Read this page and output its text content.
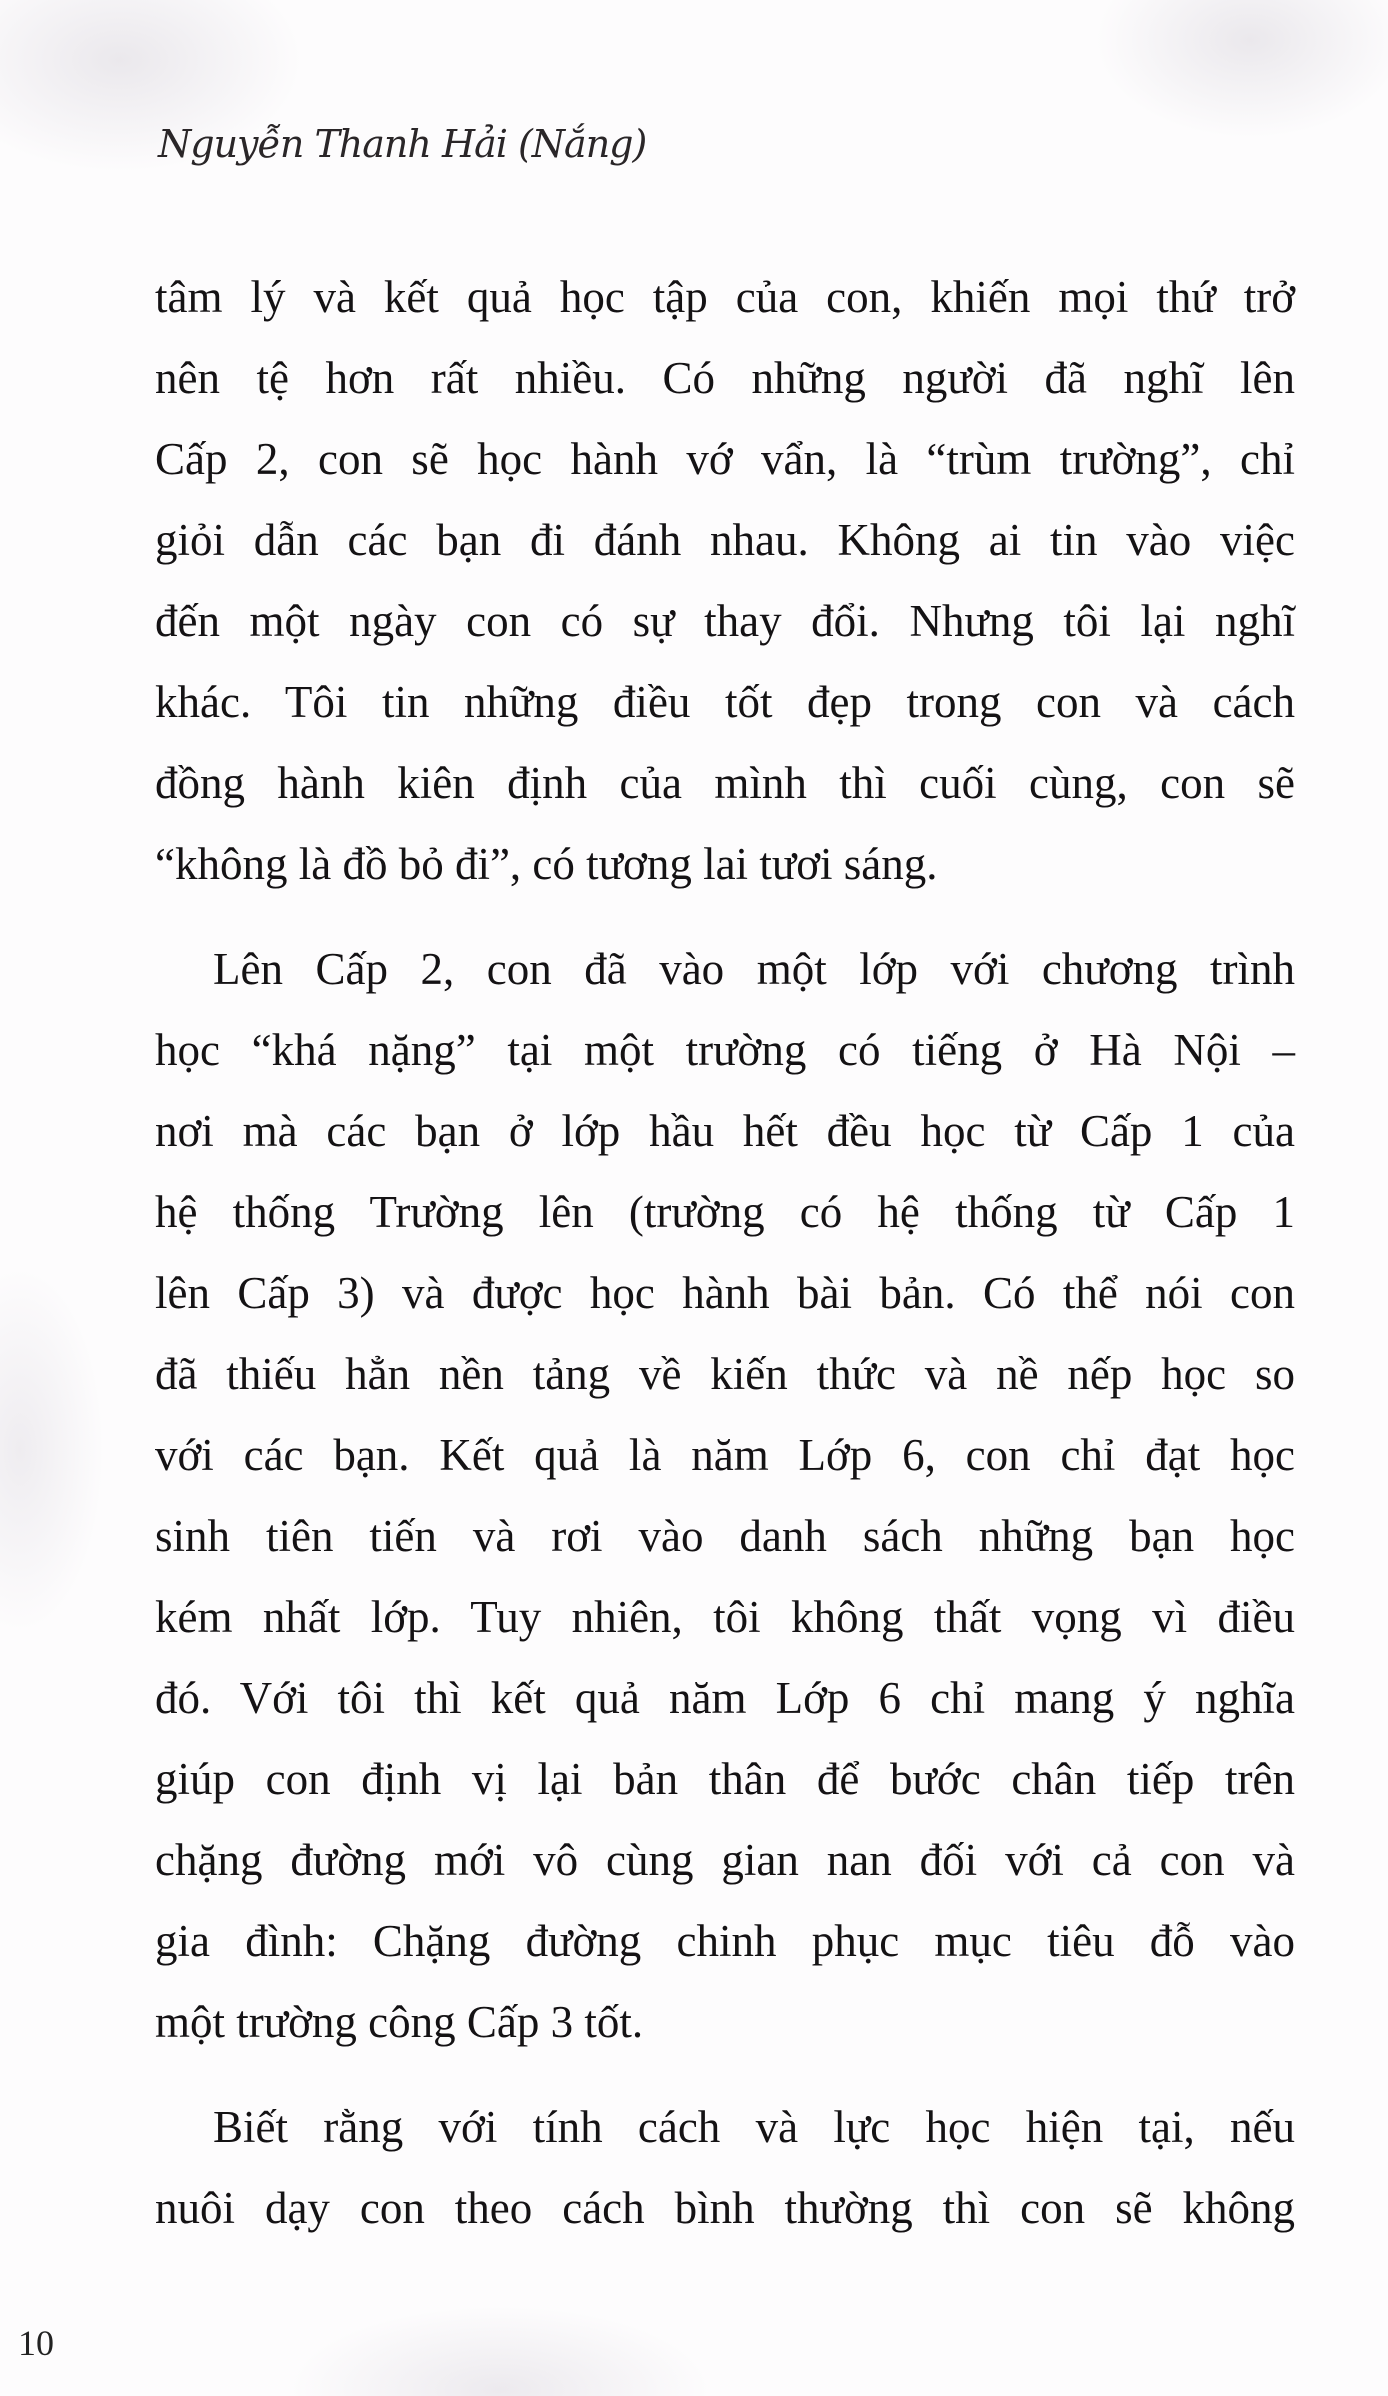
Nguyễn Thanh Hải (Nắng)

tâm lý và kết quả học tập của con, khiến mọi thứ trở
nên tệ hơn rất nhiều. Có những người đã nghĩ lên
Cấp 2, con sẽ học hành vớ vẩn, là “trùm trường”, chỉ
giỏi dẫn các bạn đi đánh nhau. Không ai tin vào việc
đến một ngày con có sự thay đổi. Nhưng tôi lại nghĩ
khác. Tôi tin những điều tốt đẹp trong con và cách
đồng hành kiên định của mình thì cuối cùng, con sẽ
“không là đồ bỏ đi”, có tương lai tươi sáng.

Lên Cấp 2, con đã vào một lớp với chương trình
học “khá nặng” tại một trường có tiếng ở Hà Nội –
nơi mà các bạn ở lớp hầu hết đều học từ Cấp 1 của
hệ thống Trường lên (trường có hệ thống từ Cấp 1
lên Cấp 3) và được học hành bài bản. Có thể nói con
đã thiếu hẳn nền tảng về kiến thức và nề nếp học so
với các bạn. Kết quả là năm Lớp 6, con chỉ đạt học
sinh tiên tiến và rơi vào danh sách những bạn học
kém nhất lớp. Tuy nhiên, tôi không thất vọng vì điều
đó. Với tôi thì kết quả năm Lớp 6 chỉ mang ý nghĩa
giúp con định vị lại bản thân để bước chân tiếp trên
chặng đường mới vô cùng gian nan đối với cả con và
gia đình: Chặng đường chinh phục mục tiêu đỗ vào
một trường công Cấp 3 tốt.

Biết rằng với tính cách và lực học hiện tại, nếu
nuôi dạy con theo cách bình thường thì con sẽ không

10
